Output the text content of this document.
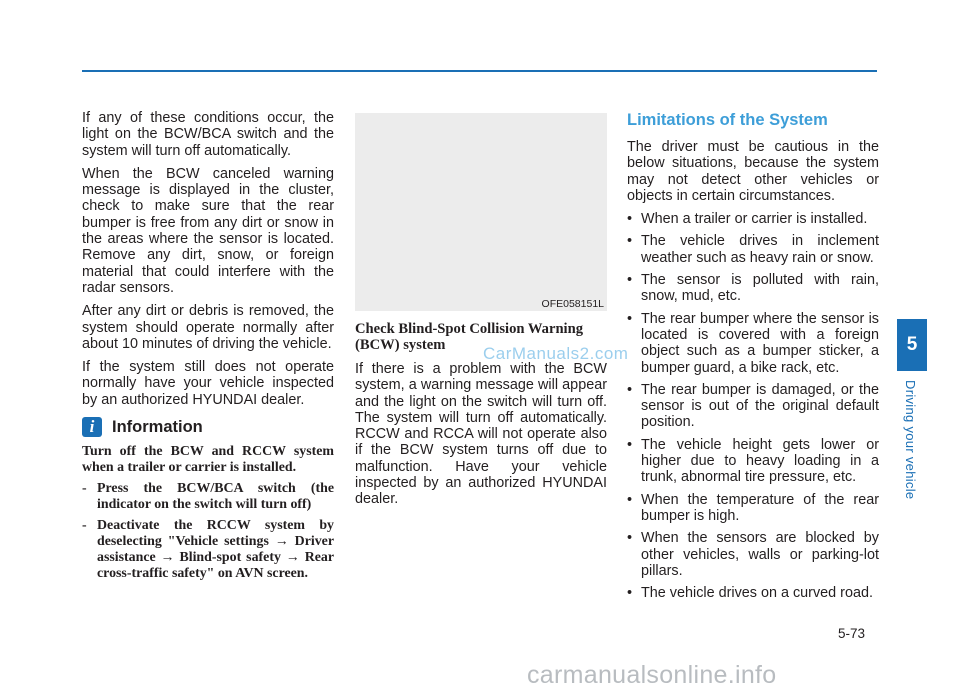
If any of these conditions occur, the light on the BCW/BCA switch and the system will turn off automatically.

When the BCW canceled warning message is displayed in the cluster, check to make sure that the rear bumper is free from any dirt or snow in the areas where the sensor is located. Remove any dirt, snow, or foreign material that could interfere with the radar sensors.

After any dirt or debris is removed, the system should operate normally after about 10 minutes of driving the vehicle.

If the system still does not operate normally have your vehicle inspected by an authorized HYUNDAI dealer.

i	Information

Turn off the BCW and RCCW system when a trailer or carrier is installed.

- Press the BCW/BCA switch (the indicator on the switch will turn off)
- Deactivate the RCCW system by deselecting "Vehicle settings → Driver assistance → Blind-spot safety → Rear cross-traffic safety" on AVN screen.
OFE058151L
Check Blind-Spot Collision Warning (BCW) system

If there is a problem with the BCW system, a warning message will appear and the light on the switch will turn off. The system will turn off automatically. RCCW and RCCA will not operate also if the BCW system turns off due to malfunction. Have your vehicle inspected by an authorized HYUNDAI dealer.

Limitations of the System

The driver must be cautious in the below situations, because the system may not detect other vehicles or objects in certain circumstances.

• When a trailer or carrier is installed.
• The vehicle drives in inclement weather such as heavy rain or snow.
• The sensor is polluted with rain, snow, mud, etc.
• The rear bumper where the sensor is located is covered with a foreign object such as a bumper sticker, a bumper guard, a bike rack, etc.
• The rear bumper is damaged, or the sensor is out of the original default position.
• The vehicle height gets lower or higher due to heavy loading in a trunk, abnormal tire pressure, etc.
• When the temperature of the rear bumper is high.
• When the sensors are blocked by other vehicles, walls or parking-lot pillars.
• The vehicle drives on a curved road.
5
Driving your vehicle
5-73
CarManuals2.com
carmanualsonline.info
